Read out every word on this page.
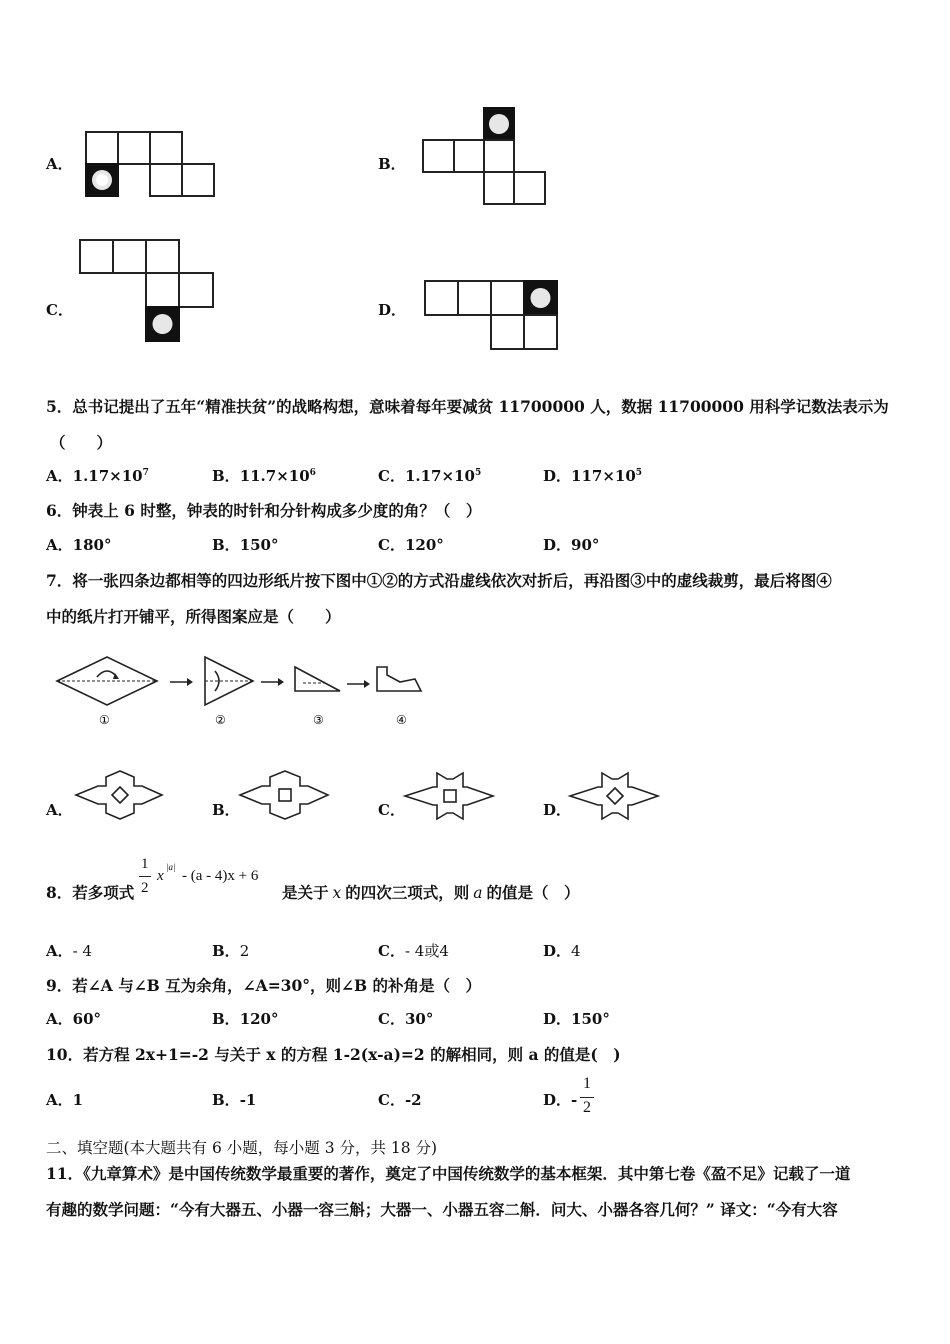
A．	B．
C．	D．
5．总书记提出了五年“精准扶贫”的战略构想，意味着每年要减贫 11700000 人，数据 11700000 用科学记数法表示为
（　　）
A．$1.17\times 10^7$	B．$11.7\times 10^6$	C．$1.17\times 10^5$	D．$117\times 10^5$
6．钟表上 6 时整，钟表的时针和分针构成多少度的角？（　）
A．180°	B．150°	C．120°	D．90°
7．将一张四条边都相等的四边形纸片按下图中①②的方式沿虚线依次对折后，再沿图③中的虚线裁剪，最后将图④
中的纸片打开铺平，所得图案应是（　　）
①	②	③	④
A．	B．	C．	D．
8．若多项式
1
2
x
|a|
- (a - 4)x + 6
是关于 x 的四次三项式，则 a 的值是（　）
A．- 4	B．2	C．- 4或4	D．4
9．若∠A 与∠B 互为余角，∠A=30°，则∠B 的补角是（　）
A．60°	B．120°	C．30°	D．150°
10．若方程 2x+1=-2 与关于 x 的方程 1-2(x-a)=2 的解相同，则 a 的值是(　)
A．1	B．-1	C．-2	D．-
1
2
二、填空题(本大题共有 6 小题，每小题 3 分，共 18 分)
11．《九章算术》是中国传统数学最重要的著作，奠定了中国传统数学的基本框架．其中第七卷《盈不足》记载了一道
有趣的数学问题：“今有大器五、小器一容三斛；大器一、小器五容二斛．问大、小器各容几何？” 译文：“今有大容
